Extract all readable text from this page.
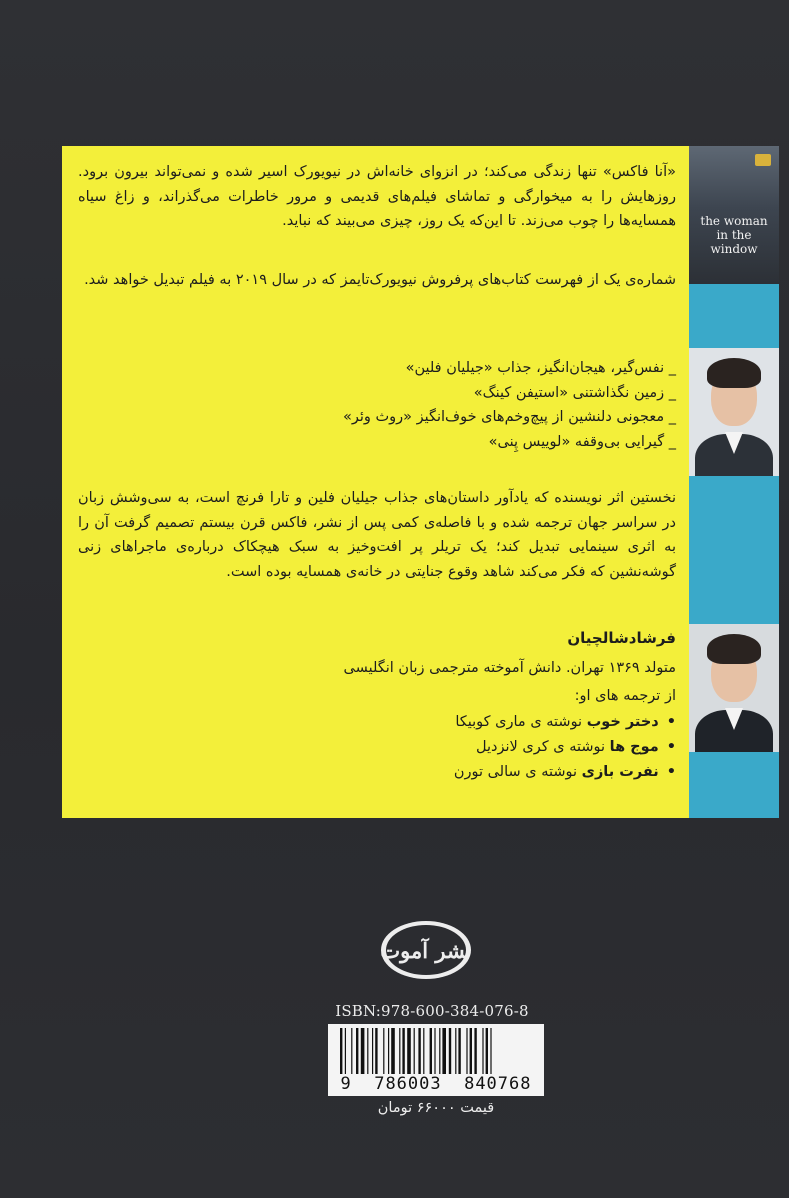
the woman in the window

«آنا فاکس» تنها زندگی می‌کند؛ در انزوای خانه‌اش در نیویورک اسیر شده و نمی‌تواند بیرون برود. روزهایش را به میخوارگی و تماشای فیلم‌های قدیمی و مرور خاطرات می‌گذراند، و زاغ سیاه همسایه‌ها را چوب می‌زند. تا این‌که یک روز، چیزی می‌بیند که نباید.

شماره‌ی یک از فهرست کتاب‌های پرفروش نیویورک‌تایمز که در سال ۲۰۱۹ به فیلم تبدیل خواهد شد.

_ نفس‌گیر، هیجان‌انگیز، جذاب «جیلیان فلین»
_ زمین نگذاشتنی «استیفن کینگ»
_ معجونی دلنشین از پیچ‌وخم‌های خوف‌انگیز «روث وئر»
_ گیرایی بی‌وقفه «لوییس پِنی»

نخستین اثر نویسنده که یادآور داستان‌های جذاب جیلیان فلین و تارا فرنچ است، به سی‌وشش زبان در سراسر جهان ترجمه شده و با فاصله‌ی کمی پس از نشر، فاکس قرن بیستم تصمیم گرفت آن را به اثری سینمایی تبدیل کند؛ یک تریلر پر افت‌وخیز به سبک هیچکاک درباره‌ی ماجراهای زنی گوشه‌نشین که فکر می‌کند شاهد وقوع جنایتی در خانه‌ی همسایه بوده است.

فرشاد‌شالچیان
متولد ۱۳۶۹ تهران. دانش آموخته مترجمی زبان انگلیسی
از ترجمه های او:
• دختر خوب نوشته ی ماری کوبیکا
• موج ها نوشته ی کری لانزدیل
• نفرت بازی نوشته ی سالی تورن
نشر آموت
ISBN:978-600-384-076-8
9  786003  840768
قیمت ۶۶۰۰۰ تومان
